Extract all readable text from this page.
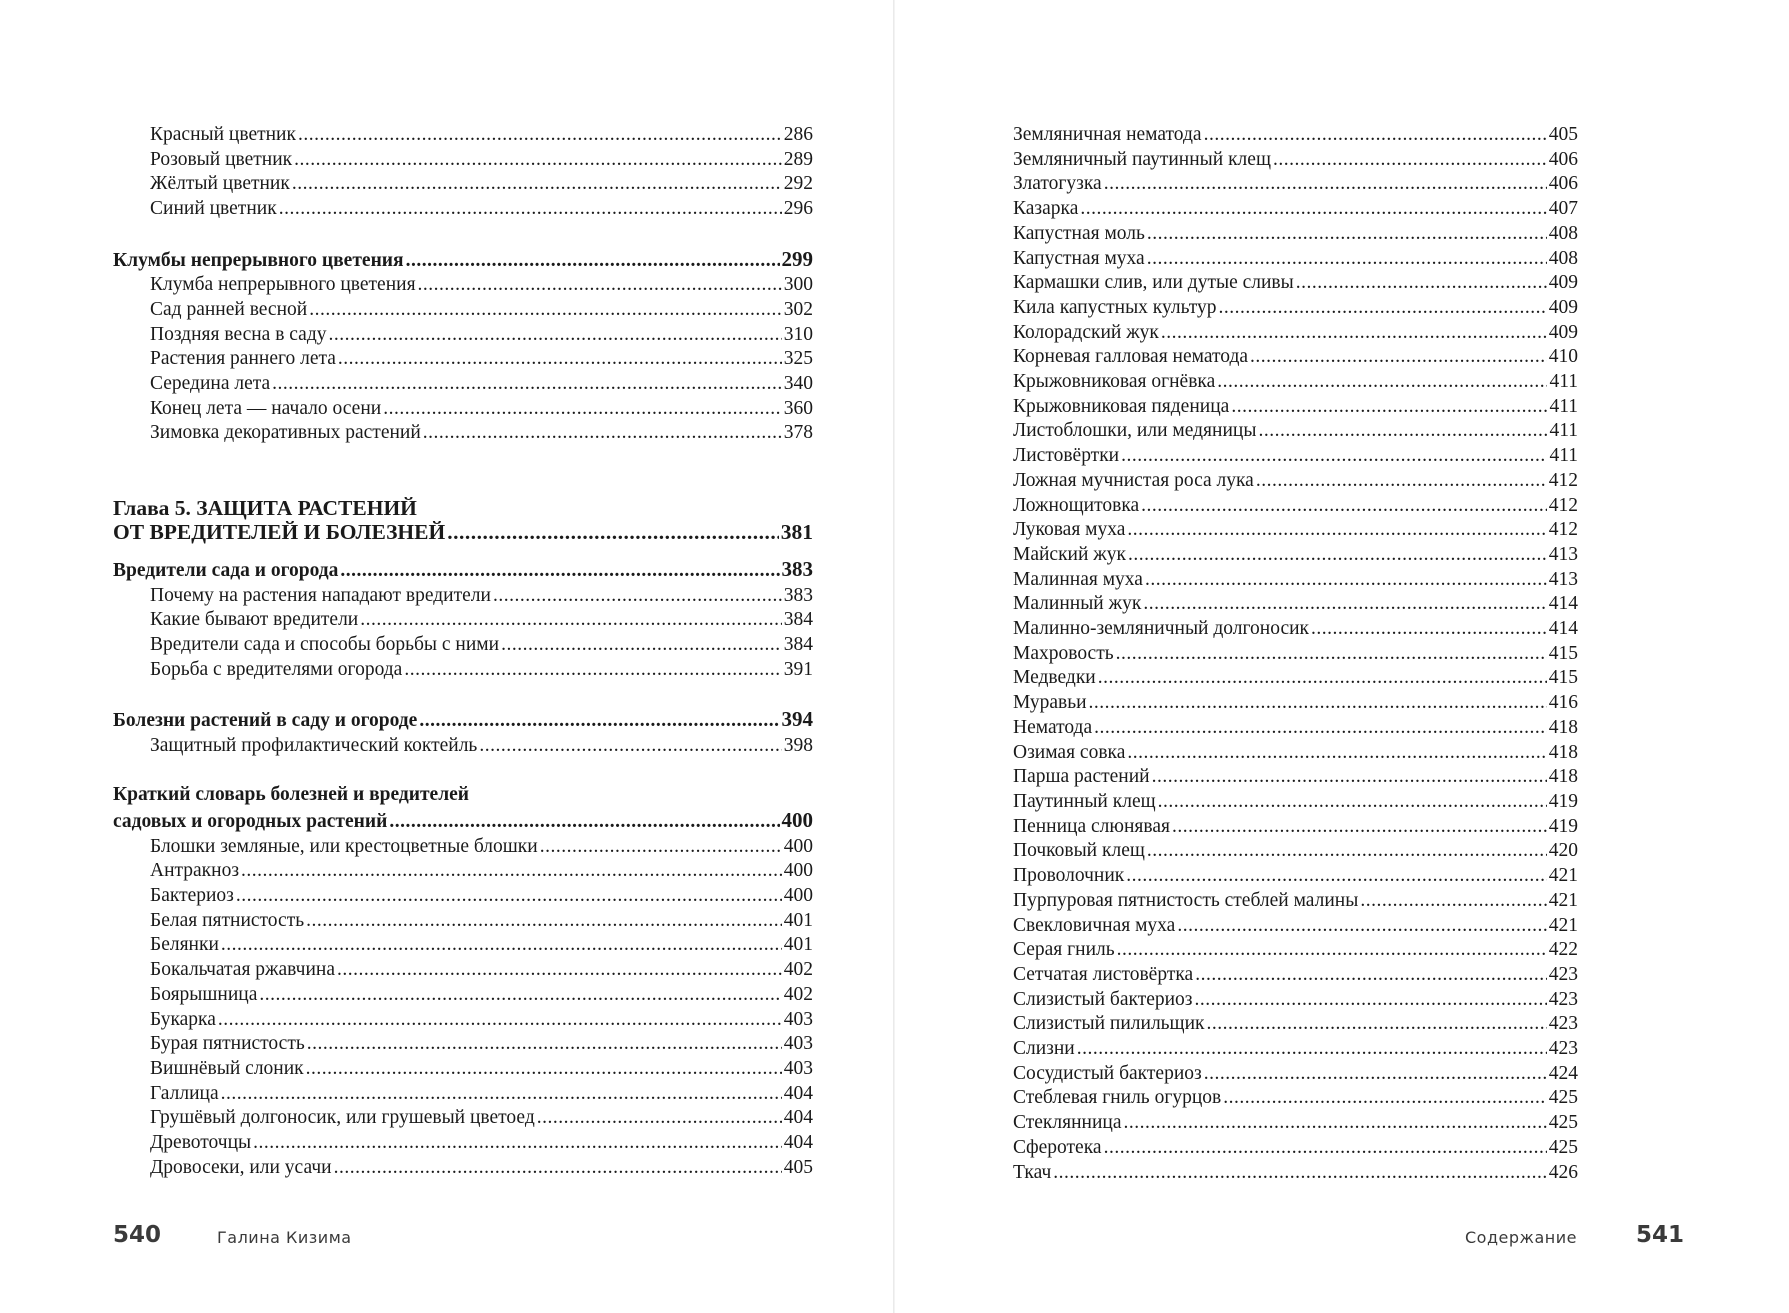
Красный цветник .....	286
Розовый цветник .....	289
Жёлтый цветник .....	292
Синий цветник .....	296
Клумбы непрерывного цветения .....	299
Клумба непрерывного цветения .....	300
Сад ранней весной .....	302
Поздняя весна в саду .....	310
Растения раннего лета .....	325
Середина лета .....	340
Конец лета — начало осени .....	360
Зимовка декоративных растений .....	378
Глава 5. ЗАЩИТА РАСТЕНИЙ
ОТ ВРЕДИТЕЛЕЙ И БОЛЕЗНЕЙ .....	381
Вредители сада и огорода .....	383
Почему на растения нападают вредители .....	383
Какие бывают вредители .....	384
Вредители сада и способы борьбы с ними .....	384
Борьба с вредителями огорода .....	391
Болезни растений в саду и огороде .....	394
Защитный профилактический коктейль .....	398
Краткий словарь болезней и вредителей
садовых и огородных растений .....	400
Блошки земляные, или крестоцветные блошки .....	400
Антракноз .....	400
Бактериоз .....	400
Белая пятнистость .....	401
Белянки .....	401
Бокальчатая ржавчина .....	402
Боярышница .....	402
Букарка .....	403
Бурая пятнистость .....	403
Вишнёвый слоник .....	403
Галлица .....	404
Грушёвый долгоносик, или грушевый цветоед .....	404
Древоточцы .....	404
Дровосеки, или усачи .....	405
540	Галина Кизима
Земляничная нематода .....	405
Земляничный паутинный клещ .....	406
Златогузка .....	406
Казарка .....	407
Капустная моль .....	408
Капустная муха .....	408
Кармашки слив, или дутые сливы .....	409
Кила капустных культур .....	409
Колорадский жук .....	409
Корневая галловая нематода .....	410
Крыжовниковая огнёвка .....	411
Крыжовниковая пяденица .....	411
Листоблошки, или медяницы .....	411
Листовёртки .....	411
Ложная мучнистая роса лука .....	412
Ложнощитовка .....	412
Луковая муха .....	412
Майский жук .....	413
Малинная муха .....	413
Малинный жук .....	414
Малинно-земляничный долгоносик .....	414
Махровость .....	415
Медведки .....	415
Муравьи .....	416
Нематода .....	418
Озимая совка .....	418
Парша растений .....	418
Паутинный клещ .....	419
Пенница слюнявая .....	419
Почковый клещ .....	420
Проволочник .....	421
Пурпуровая пятнистость стеблей малины .....	421
Свекловичная муха .....	421
Серая гниль .....	422
Сетчатая листовёртка .....	423
Слизистый бактериоз .....	423
Слизистый пилильщик .....	423
Слизни .....	423
Сосудистый бактериоз .....	424
Стеблевая гниль огурцов .....	425
Стеклянница .....	425
Сферотека .....	425
Ткач .....	426
Содержание	541
